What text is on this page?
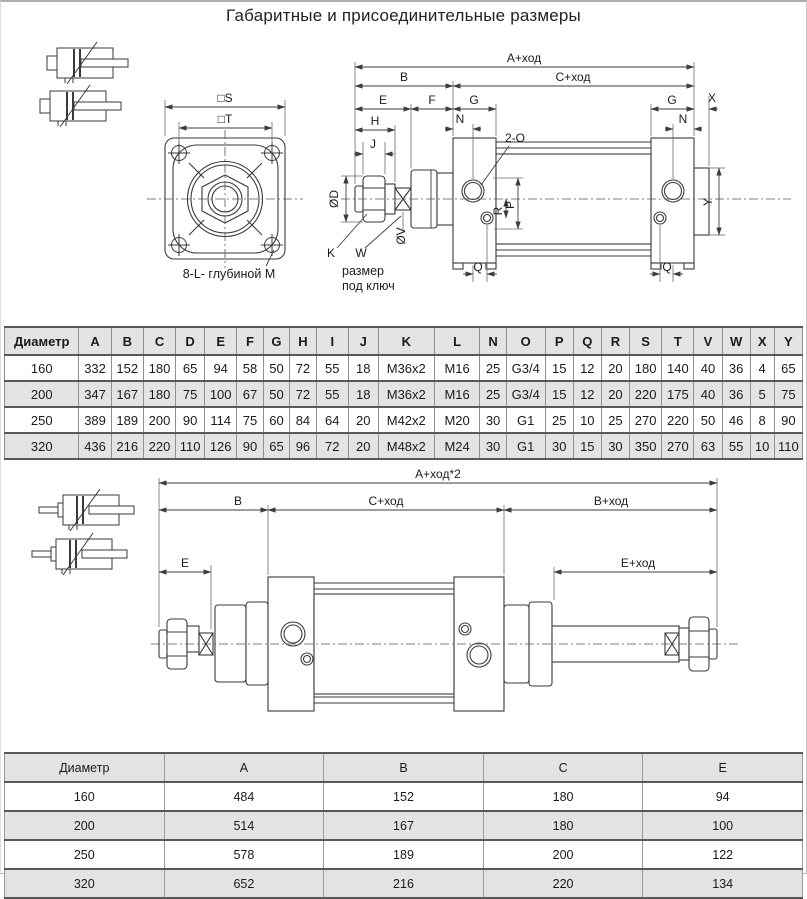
Габаритные и присоединительные размеры
□S
□T
8-L- глубиной M
A+ход
B	C+ход
E	F	G	G	X
H
J
N	N
2-O
ØD
ØV
R
P
Q	Q
Y
K W
размер
под ключ
Диаметр	A	B	C	D	E	F	G	H	I	J	K	L	N	O	P	Q	R	S	T	V	W	X	Y
160	332	152	180	65	94	58	50	72	55	18	M36x2	M16	25	G3/4	15	12	20	180	140	40	36	4	65
200	347	167	180	75	100	67	50	72	55	18	M36x2	M16	25	G3/4	15	12	20	220	175	40	36	5	75
250	389	189	200	90	114	75	60	84	64	20	M42x2	M20	30	G1	25	10	25	270	220	50	46	8	90
320	436	216	220	110	126	90	65	96	72	20	M48x2	M24	30	G1	30	15	30	350	270	63	55	10	110
A+ход*2
B	C+ход	B+ход
E	E+ход
Диаметр	A	B	C	E
160	484	152	180	94
200	514	167	180	100
250	578	189	200	122
320	652	216	220	134
